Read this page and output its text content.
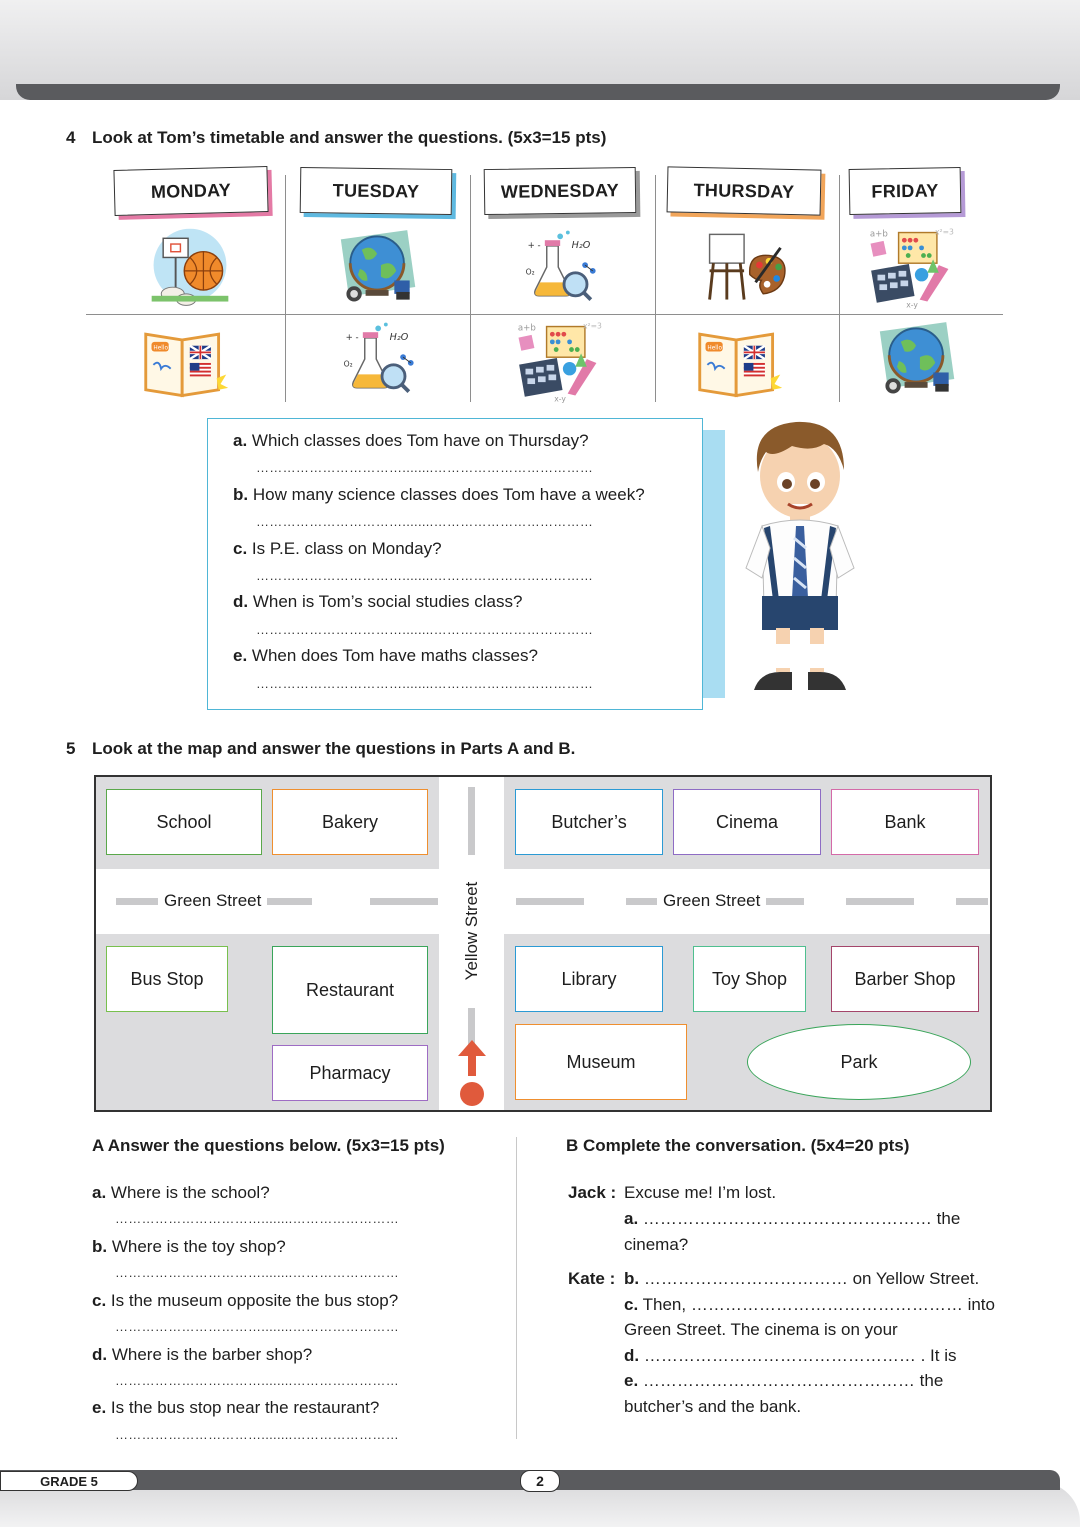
4 Look at Tom’s timetable and answer the questions. (5x3=15 pts)
MONDAY	TUESDAY	WEDNESDAY	THURSDAY	FRIDAY
a. Which classes does Tom have on Thursday?
……………………………........………………………………
b. How many science classes does Tom have a week?
……………………………........………………………………
c. Is P.E. class on Monday?
……………………………........………………………………
d. When is Tom’s social studies class?
……………………………........………………………………
e. When does Tom have maths classes?
……………………………........………………………………
5 Look at the map and answer the questions in Parts A and B.
Green Street	Green Street
Yellow Street
School	Bakery	Butcher’s	Cinema	Bank
Bus Stop
Restaurant
Library	Toy Shop	Barber Shop
Pharmacy
Museum	Park
A Answer the questions below. (5x3=15 pts)
a. Where is the school?
……………………………........……………………
b. Where is the toy shop?
……………………………........……………………
c. Is the museum opposite the bus stop?
……………………………........……………………
d. Where is the barber shop?
……………………………........……………………
e. Is the bus stop near the restaurant?
……………………………........……………………
B Complete the conversation. (5x4=20 pts)
Jack : Excuse me! I’m lost.
a. …………………………………………… the
cinema?
Kate : b. ……………………………… on Yellow Street.
c. Then, ………………………………………… into
Green Street. The cinema is on your
d. ………………………………………… . It is
e. ………………………………………… the
butcher’s and the bank.
GRADE 5	2
